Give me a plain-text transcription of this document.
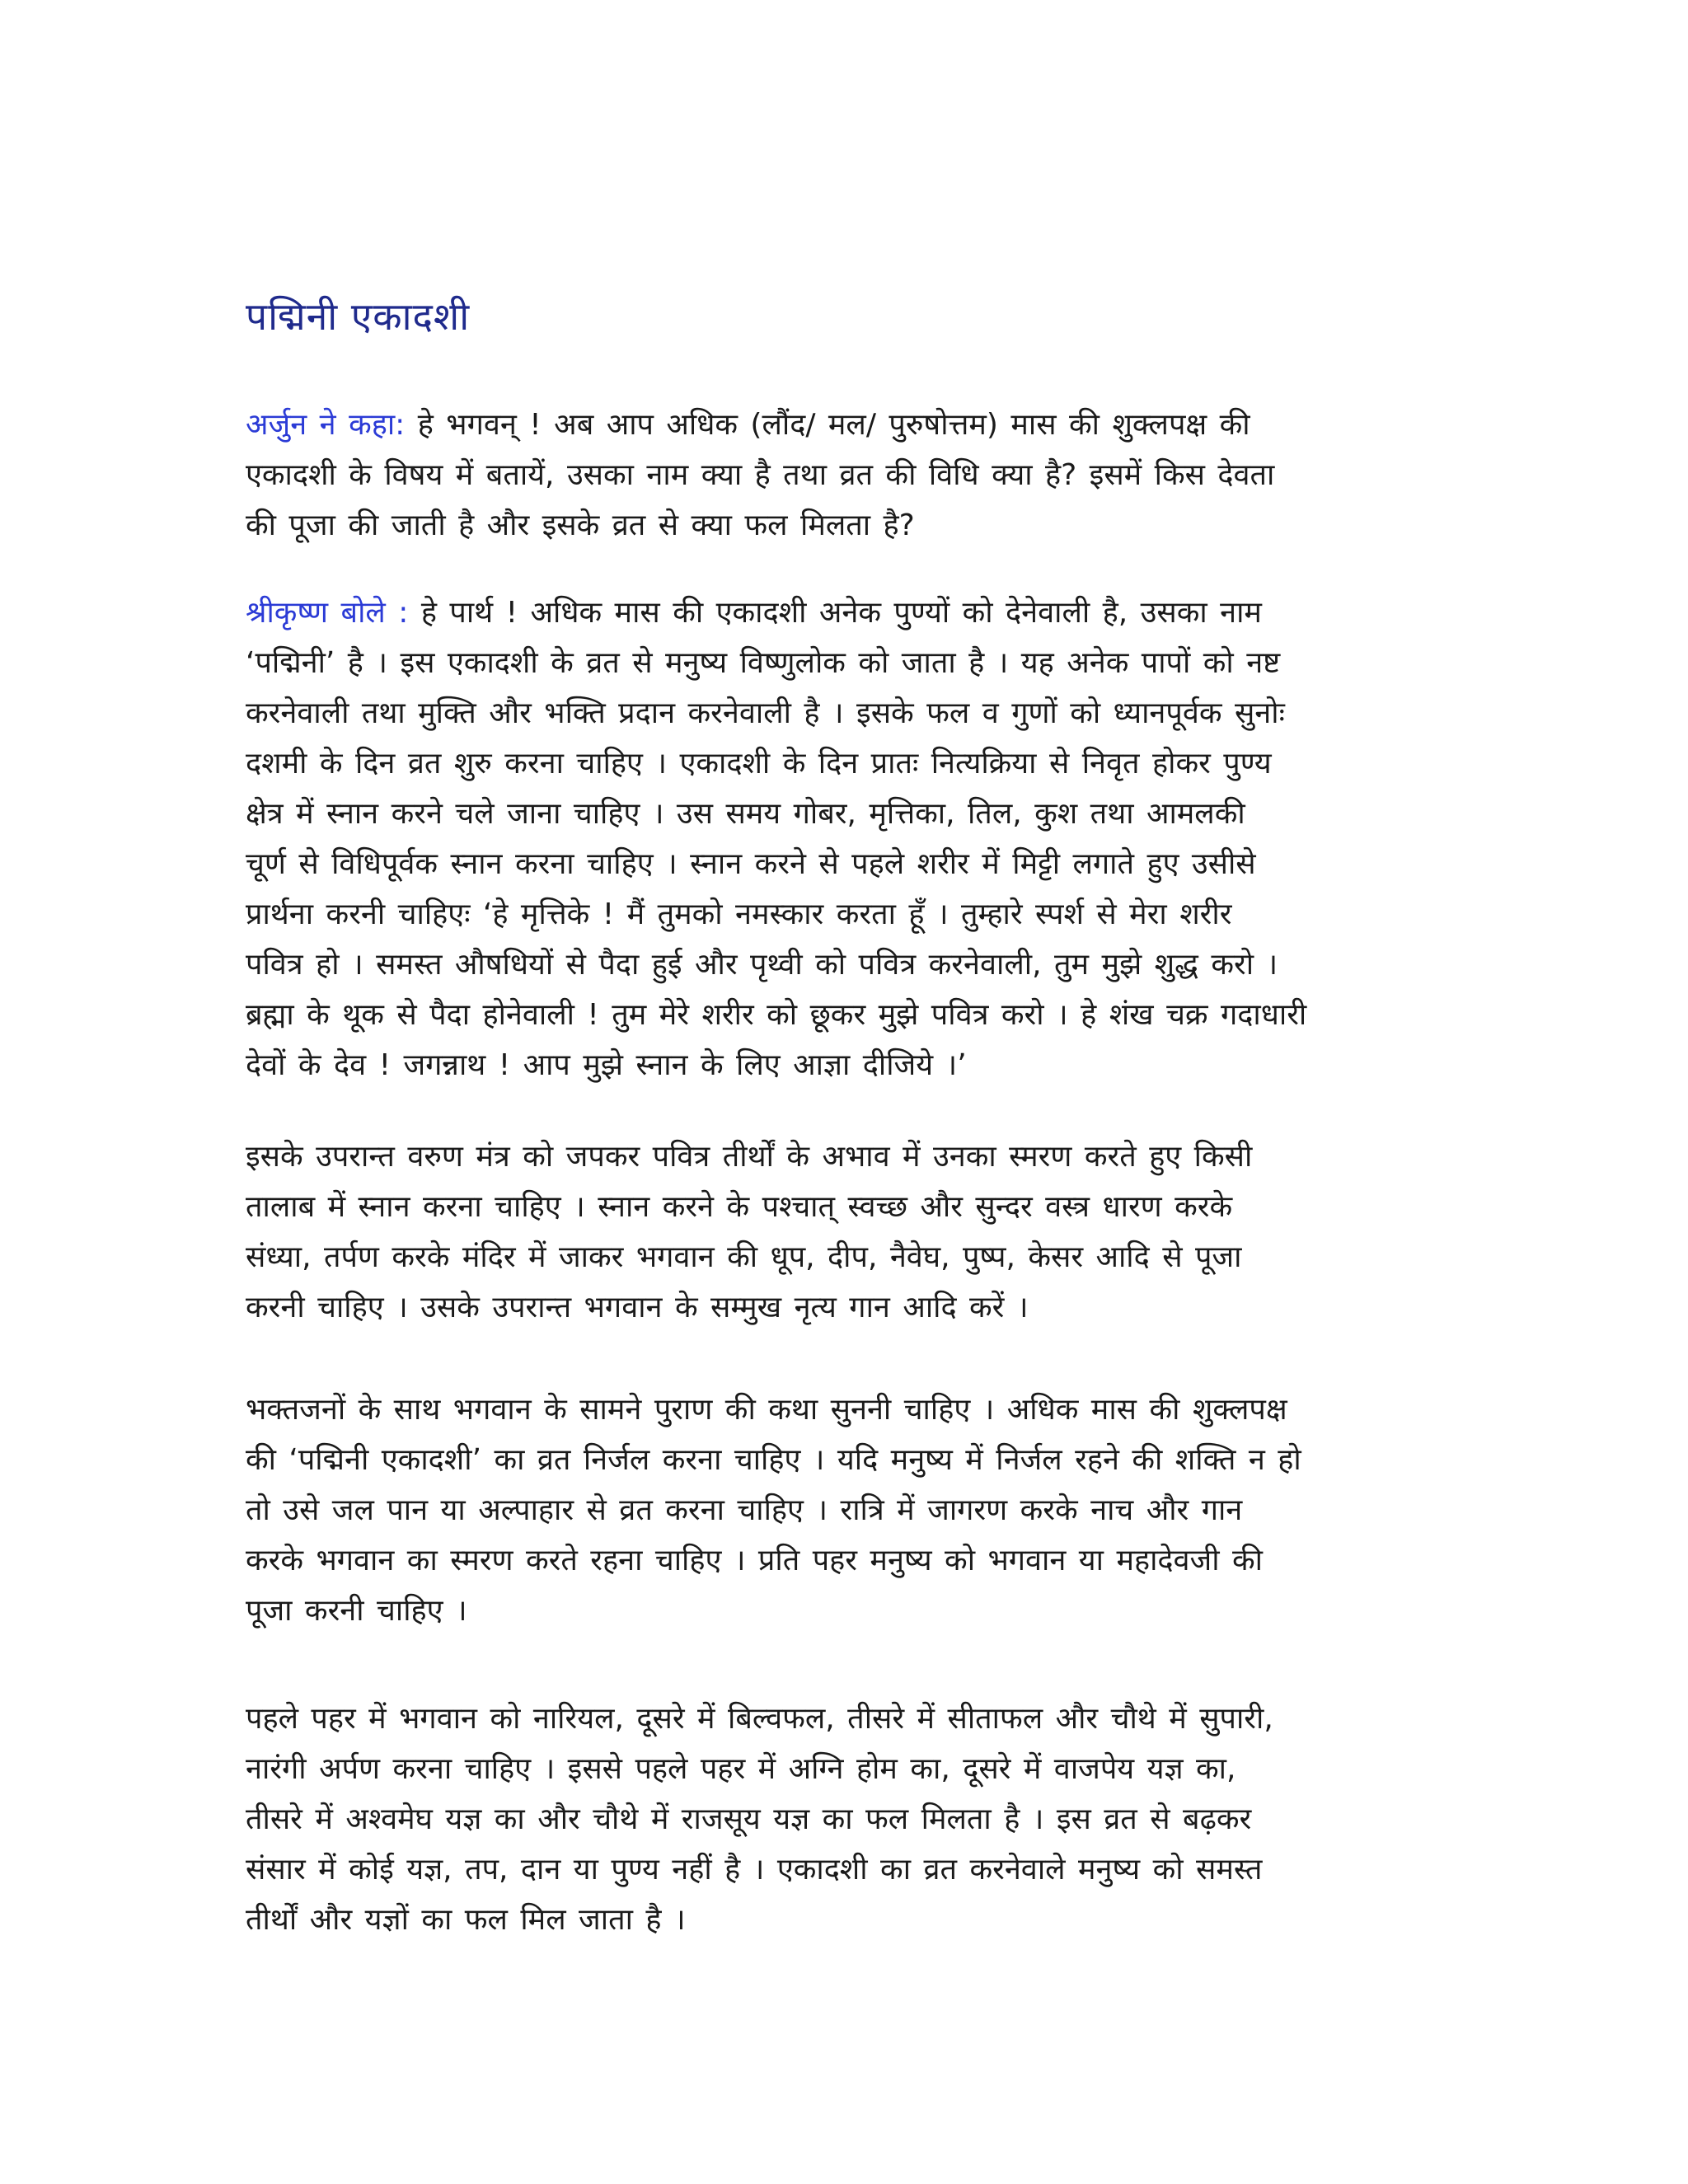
पद्मिनी एकादशी
अर्जुन ने कहा: हे भगवन् ! अब आप अधिक (लौंद/ मल/ पुरुषोत्तम) मास की शुक्लपक्ष की
एकादशी के विषय में बतायें, उसका नाम क्या है तथा व्रत की विधि क्या है? इसमें किस देवता
की पूजा की जाती है और इसके व्रत से क्या फल मिलता है?
श्रीकृष्ण बोले : हे पार्थ ! अधिक मास की एकादशी अनेक पुण्यों को देनेवाली है, उसका नाम
‘पद्मिनी’ है । इस एकादशी के व्रत से मनुष्य विष्णुलोक को जाता है । यह अनेक पापों को नष्ट
करनेवाली तथा मुक्ति और भक्ति प्रदान करनेवाली है । इसके फल व गुणों को ध्यानपूर्वक सुनोः
दशमी के दिन व्रत शुरु करना चाहिए । एकादशी के दिन प्रातः नित्यक्रिया से निवृत होकर पुण्य
क्षेत्र में स्नान करने चले जाना चाहिए । उस समय गोबर, मृत्तिका, तिल, कुश तथा आमलकी
चूर्ण से विधिपूर्वक स्नान करना चाहिए । स्नान करने से पहले शरीर में मिट्टी लगाते हुए उसीसे
प्रार्थना करनी चाहिएः ‘हे मृत्तिके ! मैं तुमको नमस्कार करता हूँ । तुम्हारे स्पर्श से मेरा शरीर
पवित्र हो । समस्त औषधियों से पैदा हुई और पृथ्वी को पवित्र करनेवाली, तुम मुझे शुद्ध करो ।
ब्रह्मा के थूक से पैदा होनेवाली ! तुम मेरे शरीर को छूकर मुझे पवित्र करो । हे शंख चक्र गदाधारी
देवों के देव ! जगन्नाथ ! आप मुझे स्नान के लिए आज्ञा दीजिये ।’
इसके उपरान्त वरुण मंत्र को जपकर पवित्र तीर्थों के अभाव में उनका स्मरण करते हुए किसी
तालाब में स्नान करना चाहिए । स्नान करने के पश्चात् स्वच्छ और सुन्दर वस्त्र धारण करके
संध्या, तर्पण करके मंदिर में जाकर भगवान की धूप, दीप, नैवेघ, पुष्प, केसर आदि से पूजा
करनी चाहिए । उसके उपरान्त भगवान के सम्मुख नृत्य गान आदि करें ।
भक्तजनों के साथ भगवान के सामने पुराण की कथा सुननी चाहिए । अधिक मास की शुक्लपक्ष
की ‘पद्मिनी एकादशी’ का व्रत निर्जल करना चाहिए । यदि मनुष्य में निर्जल रहने की शक्ति न हो
तो उसे जल पान या अल्पाहार से व्रत करना चाहिए । रात्रि में जागरण करके नाच और गान
करके भगवान का स्मरण करते रहना चाहिए । प्रति पहर मनुष्य को भगवान या महादेवजी की
पूजा करनी चाहिए ।
पहले पहर में भगवान को नारियल, दूसरे में बिल्वफल, तीसरे में सीताफल और चौथे में सुपारी,
नारंगी अर्पण करना चाहिए । इससे पहले पहर में अग्नि होम का, दूसरे में वाजपेय यज्ञ का,
तीसरे में अश्वमेघ यज्ञ का और चौथे में राजसूय यज्ञ का फल मिलता है । इस व्रत से बढ़कर
संसार में कोई यज्ञ, तप, दान या पुण्य नहीं है । एकादशी का व्रत करनेवाले मनुष्य को समस्त
तीर्थों और यज्ञों का फल मिल जाता है ।
